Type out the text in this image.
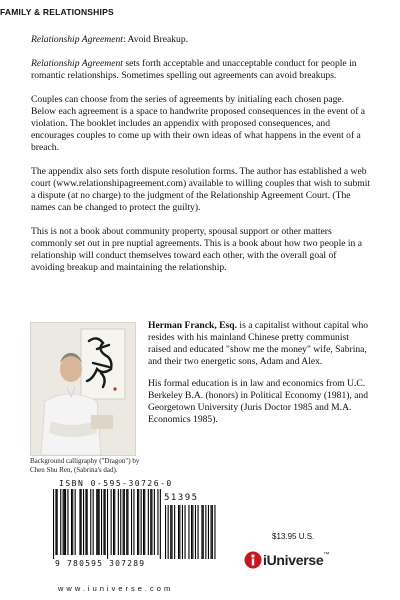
FAMILY & RELATIONSHIPS

Relationship Agreement: Avoid Breakup.

Relationship Agreement sets forth acceptable and unacceptable conduct for people in romantic relationships. Sometimes spelling out agreements can avoid breakups.

Couples can choose from the series of agreements by initialing each chosen page. Below each agreement is a space to handwrite proposed consequences in the event of a violation. The booklet includes an appendix with proposed consequences, and encourages couples to come up with their own ideas of what happens in the event of a breach.

The appendix also sets forth dispute resolution forms. The author has established a web court (www.relationshipagreement.com) available to willing couples that wish to submit a dispute (at no charge) to the judgment of the Relationship Agreement Court. (The names can be changed to protect the guilty).

This is not a book about community property, spousal support or other matters commonly set out in pre nuptial agreements. This is a book about how two people in a relationship will conduct themselves toward each other, with the overall goal of avoiding breakup and maintaining the relationship.

Background calligraphy ("Dragon") by Chen Shu Ren, (Sabrina's dad).

Herman Franck, Esq. is a capitalist without capital who resides with his mainland Chinese pretty communist raised and educated "show me the money" wife, Sabrina, and their two energetic sons, Adam and Alex.

His formal education is in law and economics from U.C. Berkeley B.A. (honors) in Political Economy (1981), and Georgetown University (Juris Doctor 1985 and M.A. Economics 1985).

ISBN 0-595-30726-0
51395
9 780595 307289
$13.95 U.S.
iUniverse™
www.iuniverse.com
